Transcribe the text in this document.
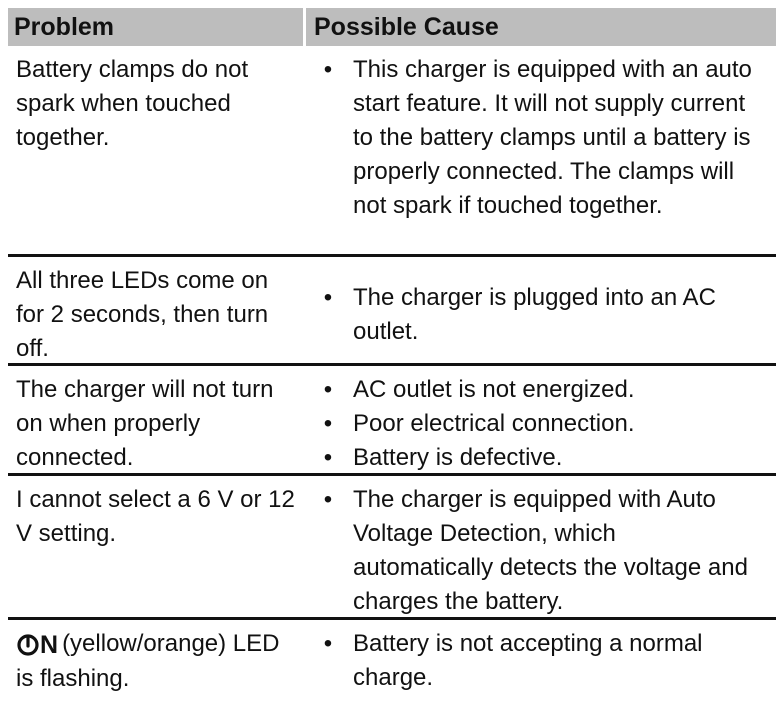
Problem	Possible Cause
Battery clamps do not spark when touched together.
• This charger is equipped with an auto start feature. It will not supply current to the battery clamps until a battery is properly connected. The clamps will not spark if touched together.
All three LEDs come on for 2 seconds, then turn off.
• The charger is plugged into an AC outlet.
The charger will not turn on when properly connected.
• AC outlet is not energized.
• Poor electrical connection.
• Battery is defective.
I cannot select a 6 V or 12 V setting.
• The charger is equipped with Auto Voltage Detection, which automatically detects the voltage and charges the battery.
N (yellow/orange) LED is flashing.
• Battery is not accepting a normal charge.
